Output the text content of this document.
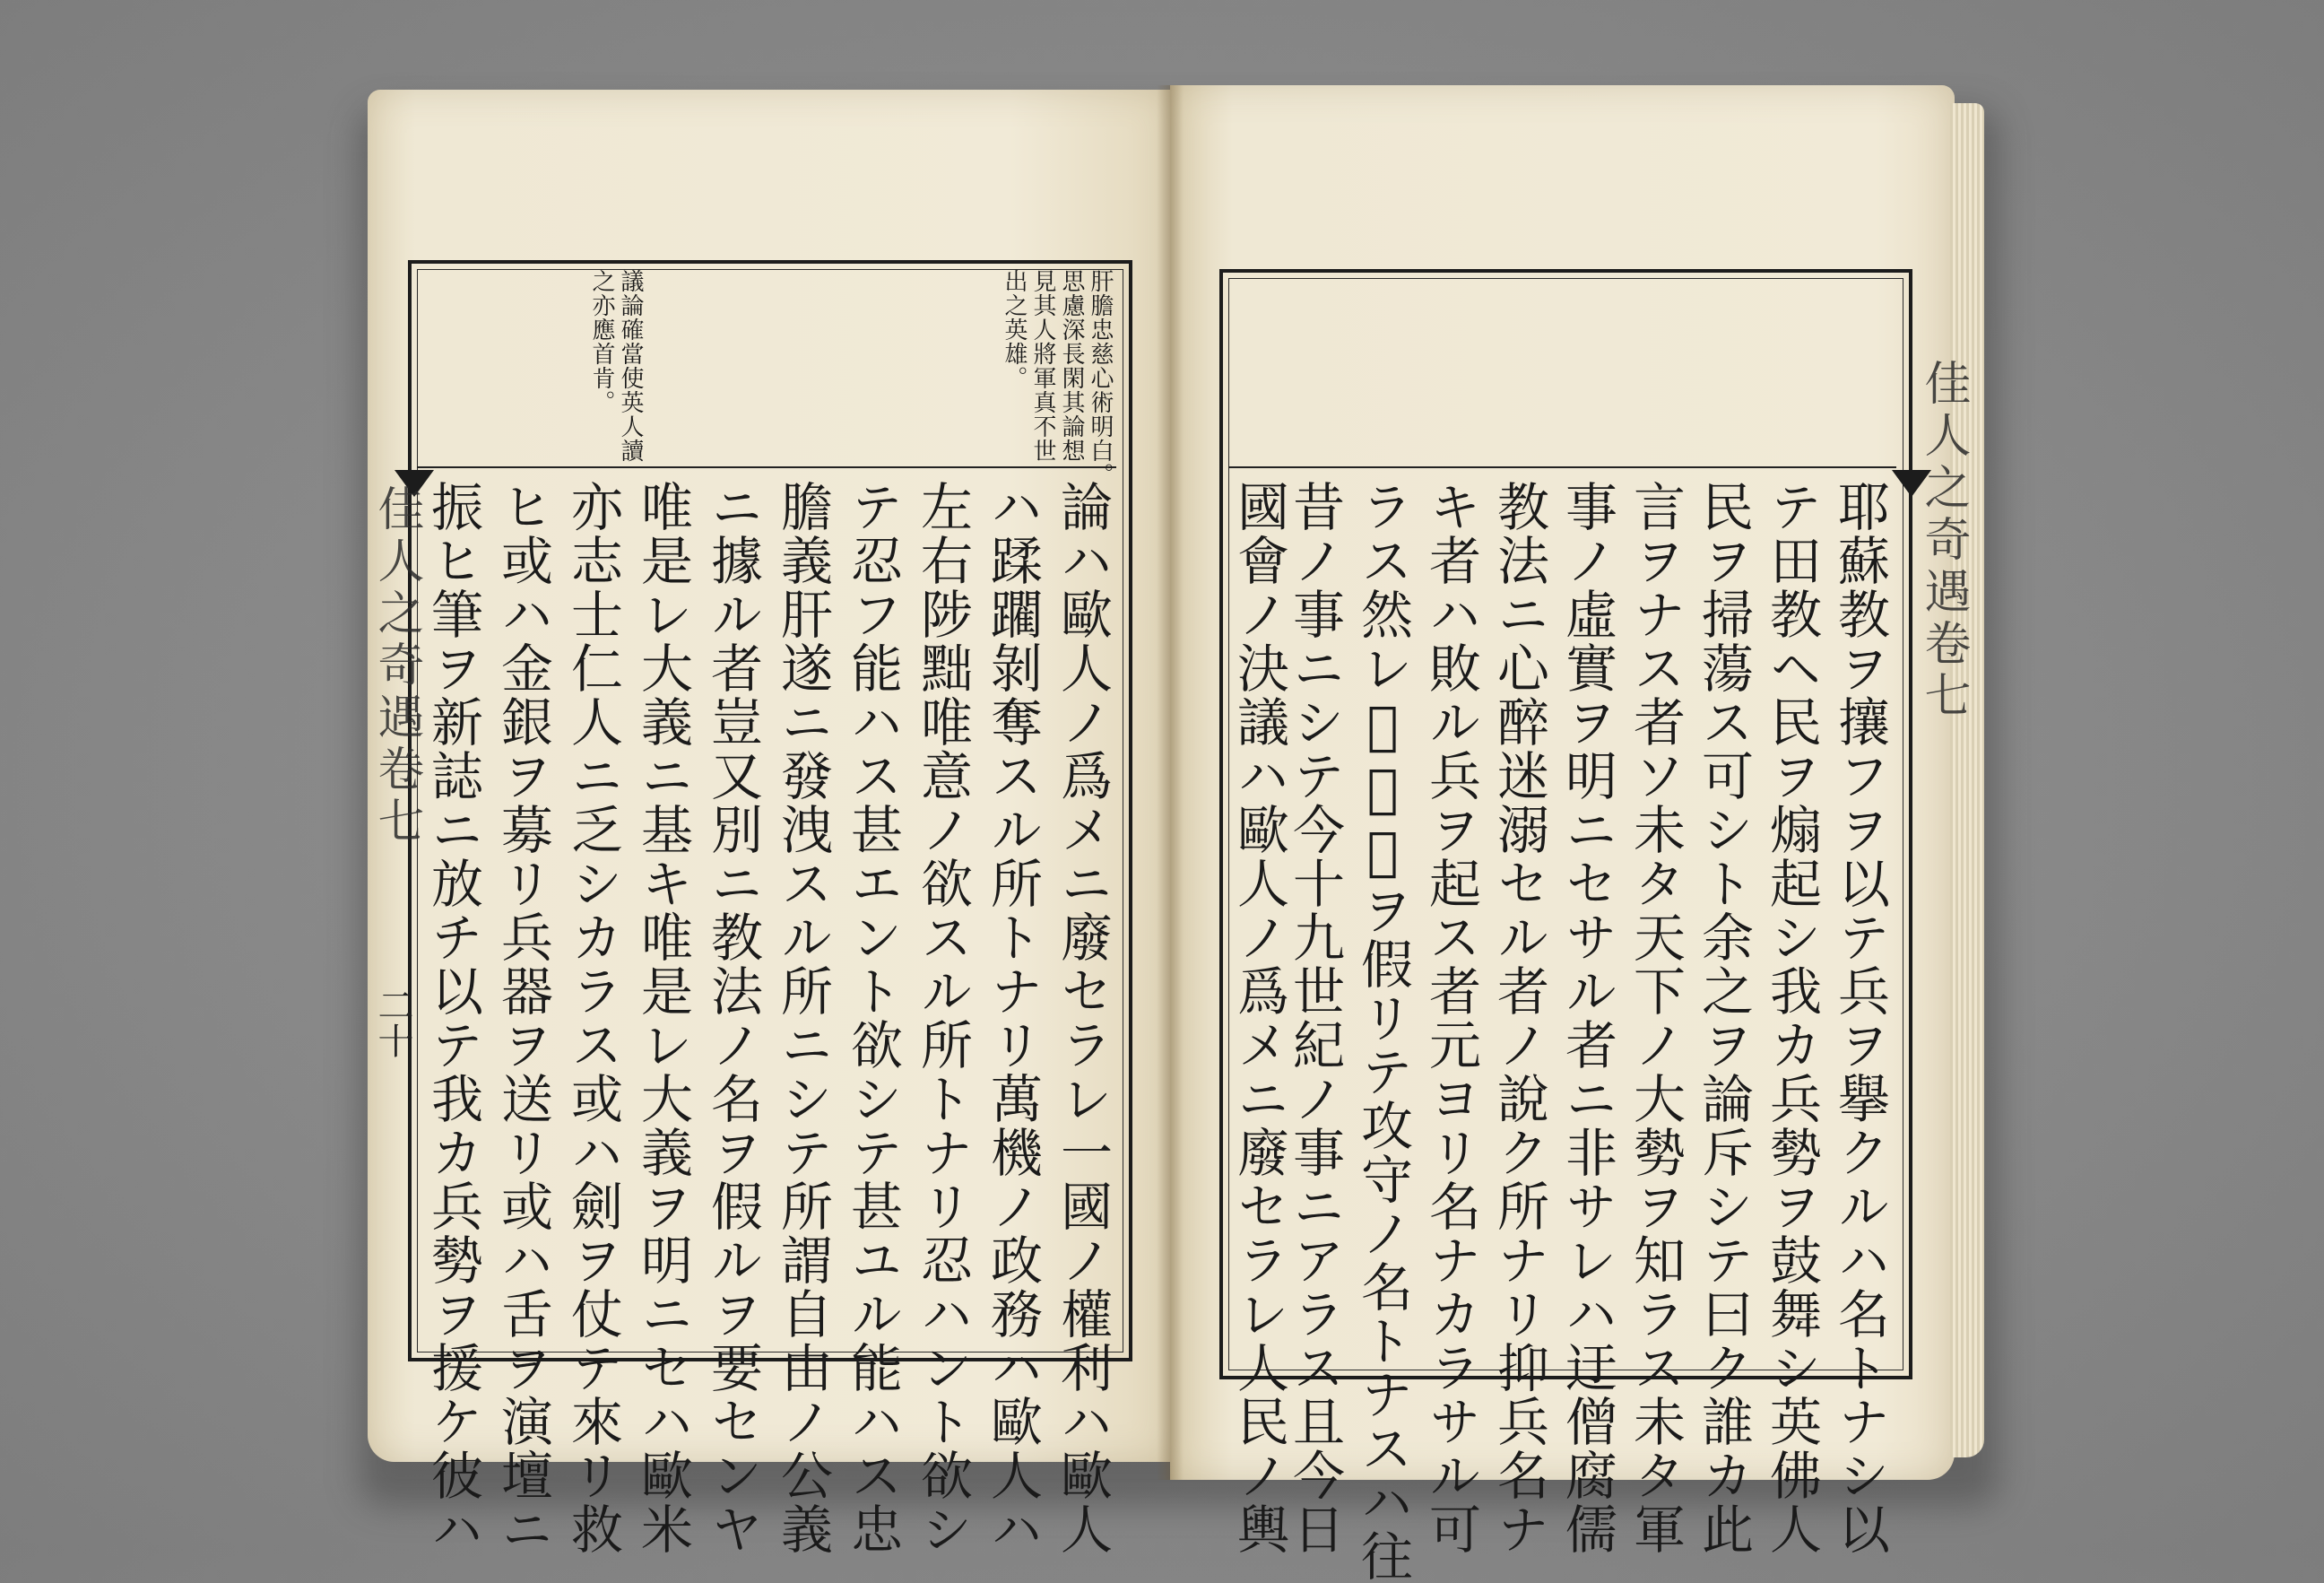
肝膽忠慈心術明白。
思慮深長閑其論想
見其人將軍真不世
出之英雄。
議論確當使英人讀
之亦應首肯。
論ハ歐人ノ爲メニ廢セラレ一國ノ權利ハ歐人
ハ蹂躙剝奪スル所トナリ萬機ノ政務ハ歐人ハ
左右陟黜唯意ノ欲スル所トナリ忍ハント欲シ
テ忍フ能ハス甚エント欲シテ甚ユル能ハス忠
膽義肝遂ニ發洩スル所ニシテ所謂自由ノ公義
ニ據ル者豈又別ニ教法ノ名ヲ假ルヲ要センヤ
唯是レ大義ニ基キ唯是レ大義ヲ明ニセハ歐米
亦志士仁人ニ乏シカラス或ハ劍ヲ仗テ來リ救
ヒ或ハ金銀ヲ募リ兵器ヲ送リ或ハ舌ヲ演壇ニ
振ヒ筆ヲ新誌ニ放チ以テ我カ兵勢ヲ援ケ彼ハ
佳人之奇遇卷七
二十	耶蘇教ヲ攘フヲ以テ兵ヲ擧クルハ名トナシ以
テ田教ヘ民ヲ煽起シ我カ兵勢ヲ鼓舞シ英佛人
民ヲ掃蕩ス可シト余之ヲ論斥シテ曰ク誰カ此
言ヲナス者ソ未タ天下ノ大勢ヲ知ラス未タ軍
事ノ虛實ヲ明ニセサル者ニ非サレハ迂僧腐儒
教法ニ心醉迷溺セル者ノ說ク所ナリ抑兵名ナ
キ者ハ敗ル兵ヲ起ス者元ヨリ名ナカラサル可
ラス然レ𪜈教法ヲ假リテ攻守ノ名トナスハ往
昔ノ事ニシテ今十九世紀ノ事ニアラス且今日
國會ノ決議ハ歐人ノ爲メニ廢セラレ人民ノ輿	佳人之奇遇卷七
